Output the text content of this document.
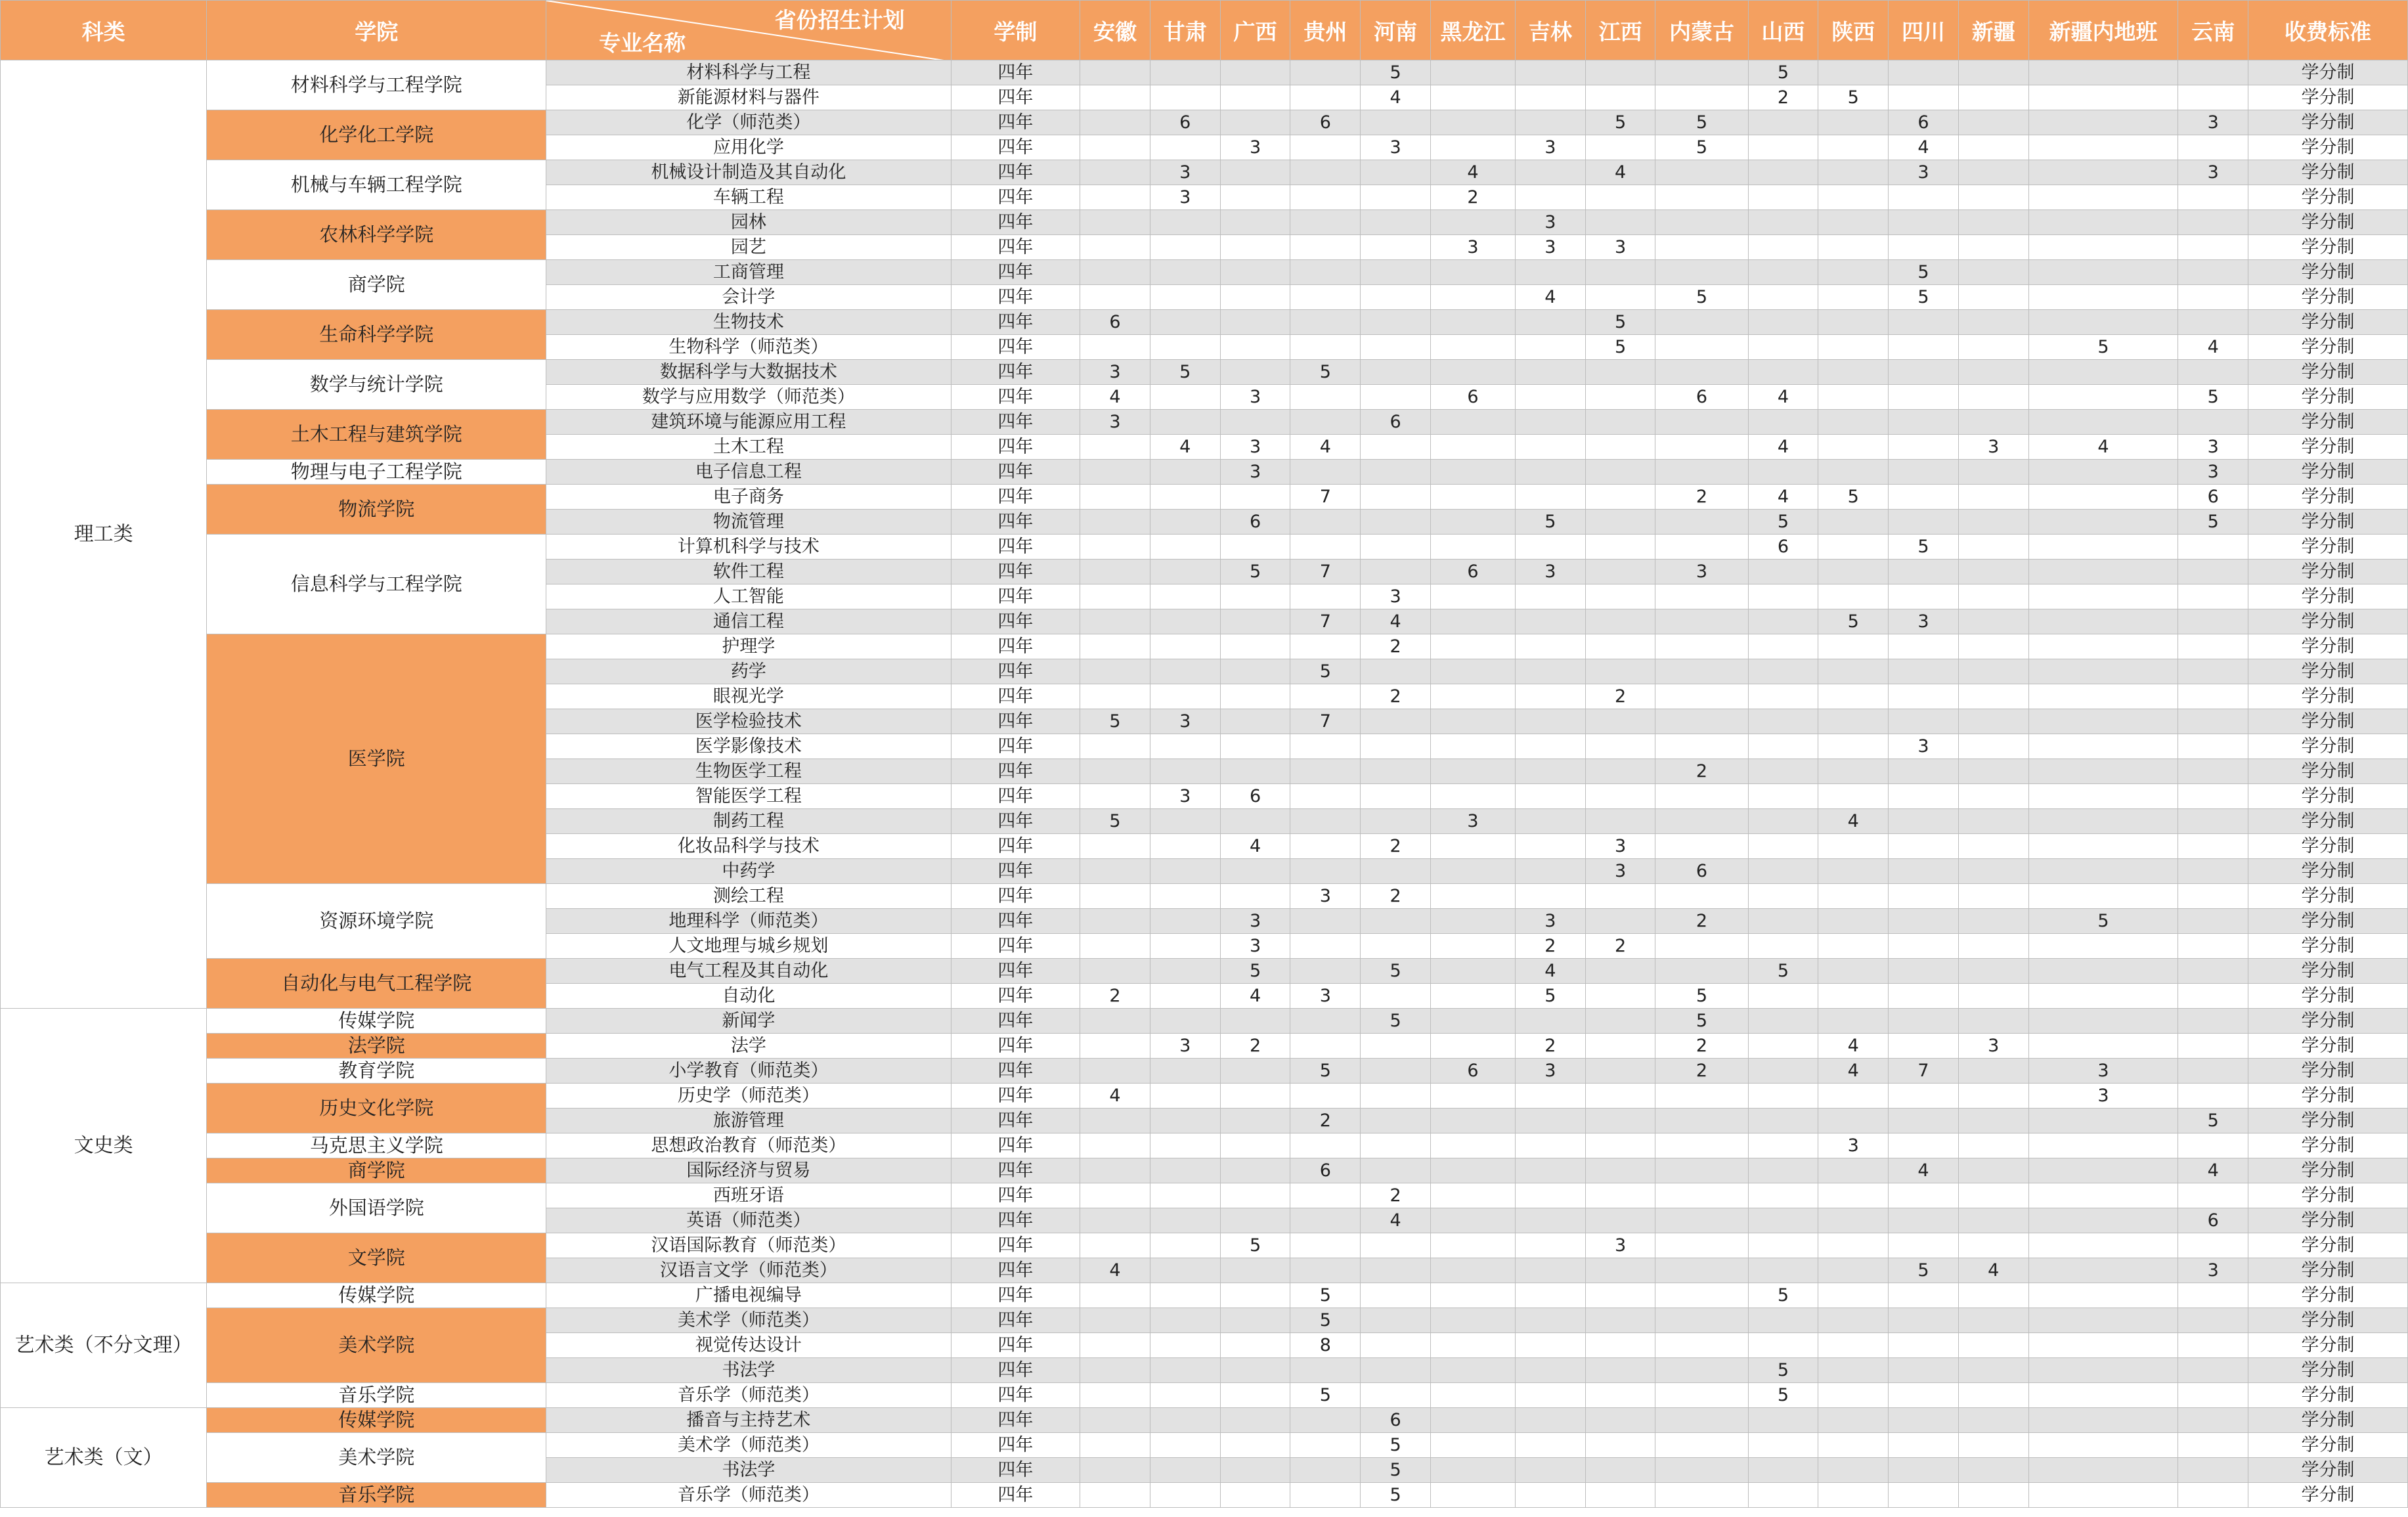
科类	学院	省份招生计划
专业名称	学制	安徽	甘肃	广西	贵州	河南	黑龙江	吉林	江西	内蒙古	山西	陕西	四川	新疆	新疆内地班	云南	收费标准
理工类	材料科学与工程学院	材料科学与工程	四年					5					5						学分制
		新能源材料与器件	四年					4					2	5					学分制
	化学化工学院	化学（师范类）	四年		6		6				5	5			6			3	学分制
		应用化学	四年			3		3		3		5			4				学分制
	机械与车辆工程学院	机械设计制造及其自动化	四年		3				4		4				3			3	学分制
		车辆工程	四年		3				2										学分制
	农林科学学院	园林	四年							3									学分制
		园艺	四年						3	3	3								学分制
	商学院	工商管理	四年												5				学分制
		会计学	四年							4		5			5				学分制
	生命科学学院	生物技术	四年	6							5								学分制
		生物科学（师范类）	四年								5						5	4	学分制
	数学与统计学院	数据科学与大数据技术	四年	3	5		5												学分制
		数学与应用数学（师范类）	四年	4		3			6			6	4					5	学分制
	土木工程与建筑学院	建筑环境与能源应用工程	四年	3				6											学分制
		土木工程	四年		4	3	4						4			3	4	3	学分制
	物理与电子工程学院	电子信息工程	四年			3												3	学分制
	物流学院	电子商务	四年				7					2	4	5				6	学分制
		物流管理	四年			6				5			5					5	学分制
	信息科学与工程学院	计算机科学与技术	四年										6		5				学分制
		软件工程	四年			5	7		6	3		3							学分制
		人工智能	四年					3											学分制
		通信工程	四年				7	4						5	3				学分制
	医学院	护理学	四年					2											学分制
		药学	四年				5												学分制
		眼视光学	四年					2			2								学分制
		医学检验技术	四年	5	3		7												学分制
		医学影像技术	四年												3				学分制
		生物医学工程	四年									2							学分制
		智能医学工程	四年		3	6													学分制
		制药工程	四年	5					3					4					学分制
		化妆品科学与技术	四年			4		2			3								学分制
		中药学	四年								3	6							学分制
	资源环境学院	测绘工程	四年				3	2											学分制
		地理科学（师范类）	四年			3				3		2					5		学分制
		人文地理与城乡规划	四年			3				2	2								学分制
	自动化与电气工程学院	电气工程及其自动化	四年			5		5		4			5						学分制
		自动化	四年	2		4	3			5		5							学分制
文史类	传媒学院	新闻学	四年					5				5							学分制
	法学院	法学	四年		3	2				2		2		4		3			学分制
	教育学院	小学教育（师范类）	四年				5		6	3		2		4	7		3		学分制
	历史文化学院	历史学（师范类）	四年	4													3		学分制
		旅游管理	四年				2											5	学分制
	马克思主义学院	思想政治教育（师范类）	四年											3					学分制
	商学院	国际经济与贸易	四年				6								4			4	学分制
	外国语学院	西班牙语	四年					2											学分制
		英语（师范类）	四年					4										6	学分制
	文学院	汉语国际教育（师范类）	四年			5					3								学分制
		汉语言文学（师范类）	四年	4											5	4		3	学分制
艺术类（不分文理）	传媒学院	广播电视编导	四年				5						5						学分制
	美术学院	美术学（师范类）	四年				5												学分制
		视觉传达设计	四年				8												学分制
		书法学	四年										5						学分制
	音乐学院	音乐学（师范类）	四年				5						5						学分制
艺术类（文）	传媒学院	播音与主持艺术	四年					6											学分制
	美术学院	美术学（师范类）	四年					5											学分制
		书法学	四年					5											学分制
	音乐学院	音乐学（师范类）	四年					5											学分制
